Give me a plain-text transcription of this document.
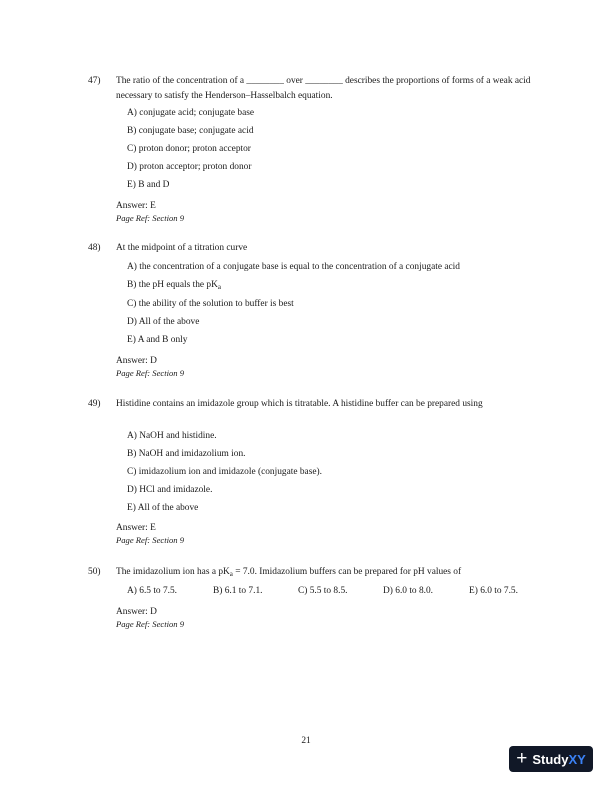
47) The ratio of the concentration of a ________ over ________ describes the proportions of forms of a weak acid necessary to satisfy the Henderson–Hasselbalch equation.
A) conjugate acid; conjugate base
B) conjugate base; conjugate acid
C) proton donor; proton acceptor
D) proton acceptor; proton donor
E) B and D
Answer: E
Page Ref: Section 9
48) At the midpoint of a titration curve
A) the concentration of a conjugate base is equal to the concentration of a conjugate acid
B) the pH equals the $pK_a$
C) the ability of the solution to buffer is best
D) All of the above
E) A and B only
Answer: D
Page Ref: Section 9
49) Histidine contains an imidazole group which is titratable. A histidine buffer can be prepared using
A) NaOH and histidine.
B) NaOH and imidazolium ion.
C) imidazolium ion and imidazole (conjugate base).
D) HCl and imidazole.
E) All of the above
Answer: E
Page Ref: Section 9
50) The imidazolium ion has a $pK_a = 7.0$. Imidazolium buffers can be prepared for pH values of
A) 6.5 to 7.5.	B) 6.1 to 7.1.	C) 5.5 to 8.5.	D) 6.0 to 8.0.	E) 6.0 to 7.5.
Answer: D
Page Ref: Section 9
21
+ StudyXY
